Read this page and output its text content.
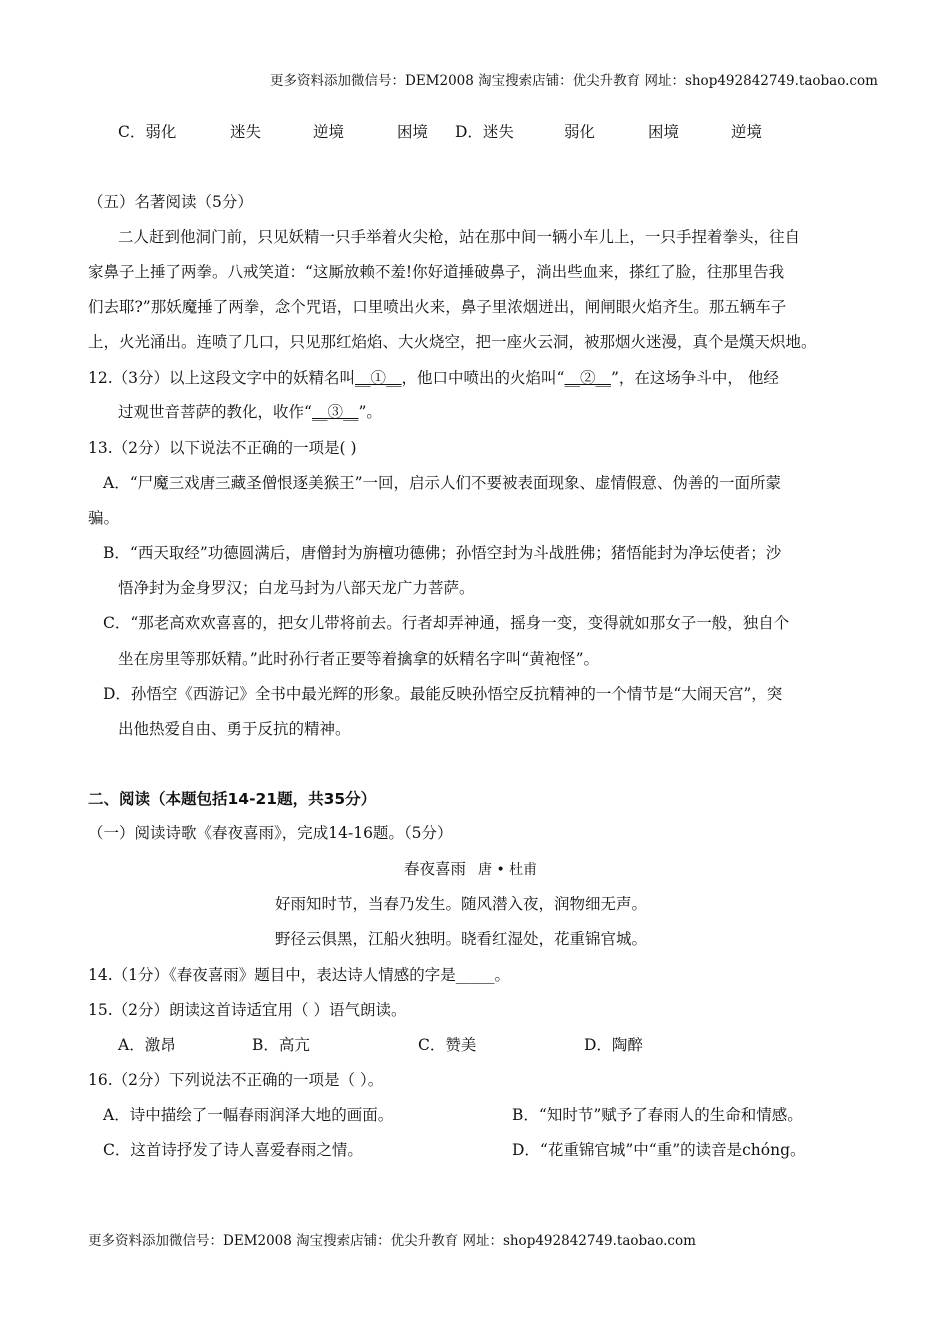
更多资料添加微信号：DEM2008 淘宝搜索店铺：优尖升教育 网址：shop492842749.taobao.com
C．弱化	迷失	逆境	困境 D．迷失	弱化	困境	逆境
（五）名著阅读（5分）
二人赶到他洞门前，只见妖精一只手举着火尖枪，站在那中间一辆小车儿上，一只手捏着拳头，往自
家鼻子上捶了两拳。八戒笑道：“这厮放赖不羞!你好道捶破鼻子，淌出些血来，搽红了脸，往那里告我
们去耶?”那妖魔捶了两拳，念个咒语，口里喷出火来，鼻子里浓烟迸出，闸闸眼火焰齐生。那五辆车子
上，火光涌出。连喷了几口，只见那红焰焰、大火烧空，把一座火云洞，被那烟火迷漫，真个是熯天炽地。
12.（3分）以上这段文字中的妖精名叫__①__，他口中喷出的火焰叫“__②__”，在这场争斗中， 他经
过观世音菩萨的教化，收作“__③__”。
13.（2分）以下说法不正确的一项是( )
A．“尸魔三戏唐三藏圣僧恨逐美猴王”一回，启示人们不要被表面现象、虚情假意、伪善的一面所蒙
骗。
B．“西天取经”功德圆满后，唐僧封为旃檀功德佛；孙悟空封为斗战胜佛；猪悟能封为净坛使者；沙
悟净封为金身罗汉；白龙马封为八部天龙广力菩萨。
C．“那老高欢欢喜喜的，把女儿带将前去。行者却弄神通，摇身一变，变得就如那女子一般，独自个
坐在房里等那妖精。”此时孙行者正要等着擒拿的妖精名字叫“黄袍怪”。
D．孙悟空《西游记》全书中最光辉的形象。最能反映孙悟空反抗精神的一个情节是“大闹天宫”，突
出他热爱自由、勇于反抗的精神。
二、阅读（本题包括14-21题，共35分）
（一）阅读诗歌《春夜喜雨》，完成14-16题。（5分）
春夜喜雨 唐 • 杜甫
好雨知时节，当春乃发生。随风潜入夜，润物细无声。
野径云俱黑，江船火独明。晓看红湿处，花重锦官城。
14.（1分）《春夜喜雨》题目中，表达诗人情感的字是_____。
15.（2分）朗读这首诗适宜用（ ）语气朗读。
A．激昂	B．高亢	C．赞美	D．陶醉
16.（2分）下列说法不正确的一项是（ ）。
A．诗中描绘了一幅春雨润泽大地的画面。	B．“知时节”赋予了春雨人的生命和情感。
C．这首诗抒发了诗人喜爱春雨之情。	D．“花重锦官城”中“重”的读音是chóng。
更多资料添加微信号：DEM2008 淘宝搜索店铺：优尖升教育 网址：shop492842749.taobao.com
